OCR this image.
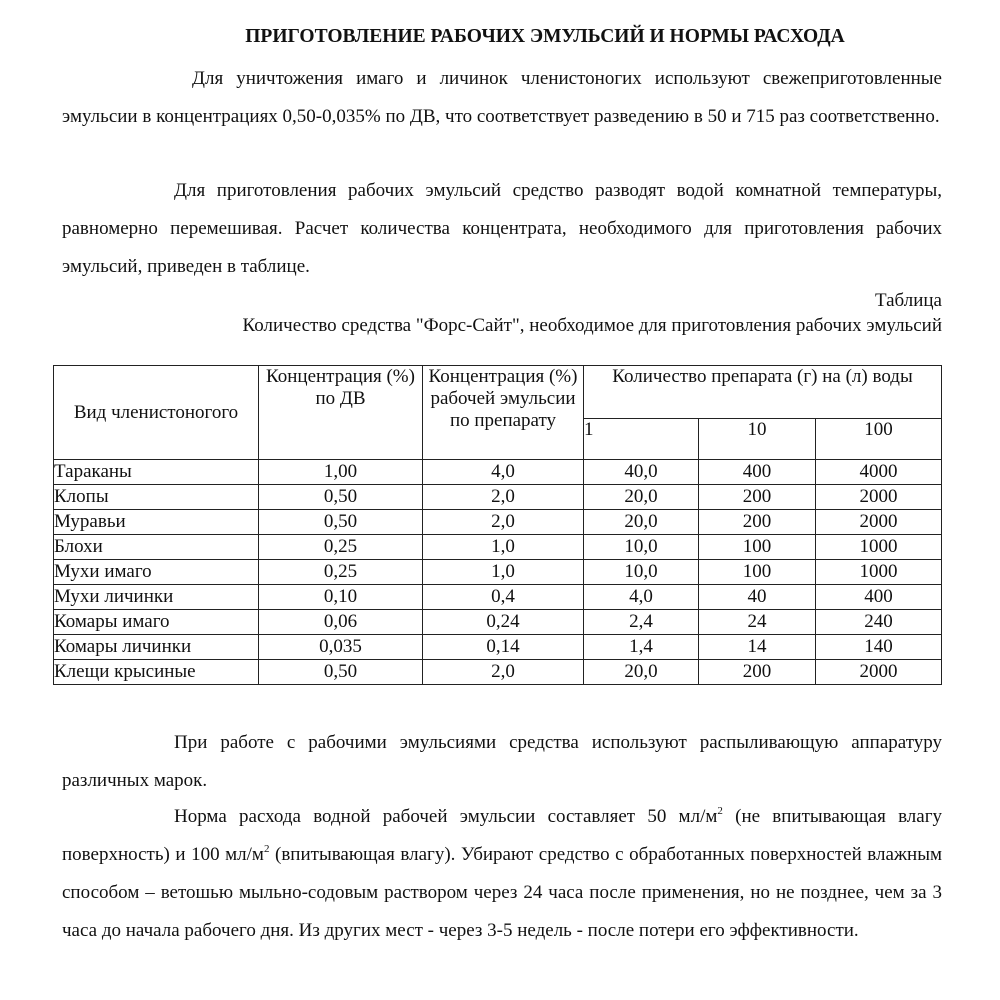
ПРИГОТОВЛЕНИЕ РАБОЧИХ ЭМУЛЬСИЙ И НОРМЫ РАСХОДА
Для уничтожения имаго и личинок членистоногих используют свежеприготовленные эмульсии в концентрациях 0,50-0,035% по ДВ, что соответствует разведению в 50 и 715 раз соответственно.
Для приготовления рабочих эмульсий средство разводят водой комнатной температуры, равномерно перемешивая. Расчет количества концентрата, необходимого для приготовления рабочих эмульсий, приведен в таблице.
Таблица
Количество средства "Форс-Сайт", необходимое для приготовления рабочих эмульсий
Вид членистоногого	Концентрация (%) по ДВ	Концентрация (%) рабочей эмульсии по препарату	Количество препарата (г) на (л) воды		
			1	10	100
Тараканы	1,00	4,0	40,0	400	4000
Клопы	0,50	2,0	20,0	200	2000
Муравьи	0,50	2,0	20,0	200	2000
Блохи	0,25	1,0	10,0	100	1000
Мухи имаго	0,25	1,0	10,0	100	1000
Мухи личинки	0,10	0,4	4,0	40	400
Комары имаго	0,06	0,24	2,4	24	240
Комары личинки	0,035	0,14	1,4	14	140
Клещи крысиные	0,50	2,0	20,0	200	2000
При работе с рабочими эмульсиями средства используют распыливающую аппаратуру различных марок.
Норма расхода водной рабочей эмульсии составляет 50 $мл/м^2$ (не впитывающая влагу поверхность) и 100 $мл/м^2$ (впитывающая влагу). Убирают средство с обработанных поверхностей влажным способом – ветошью мыльно-содовым раствором через 24 часа после применения, но не позднее, чем за 3 часа до начала рабочего дня. Из других мест - через 3-5 недель - после потери его эффективности.
